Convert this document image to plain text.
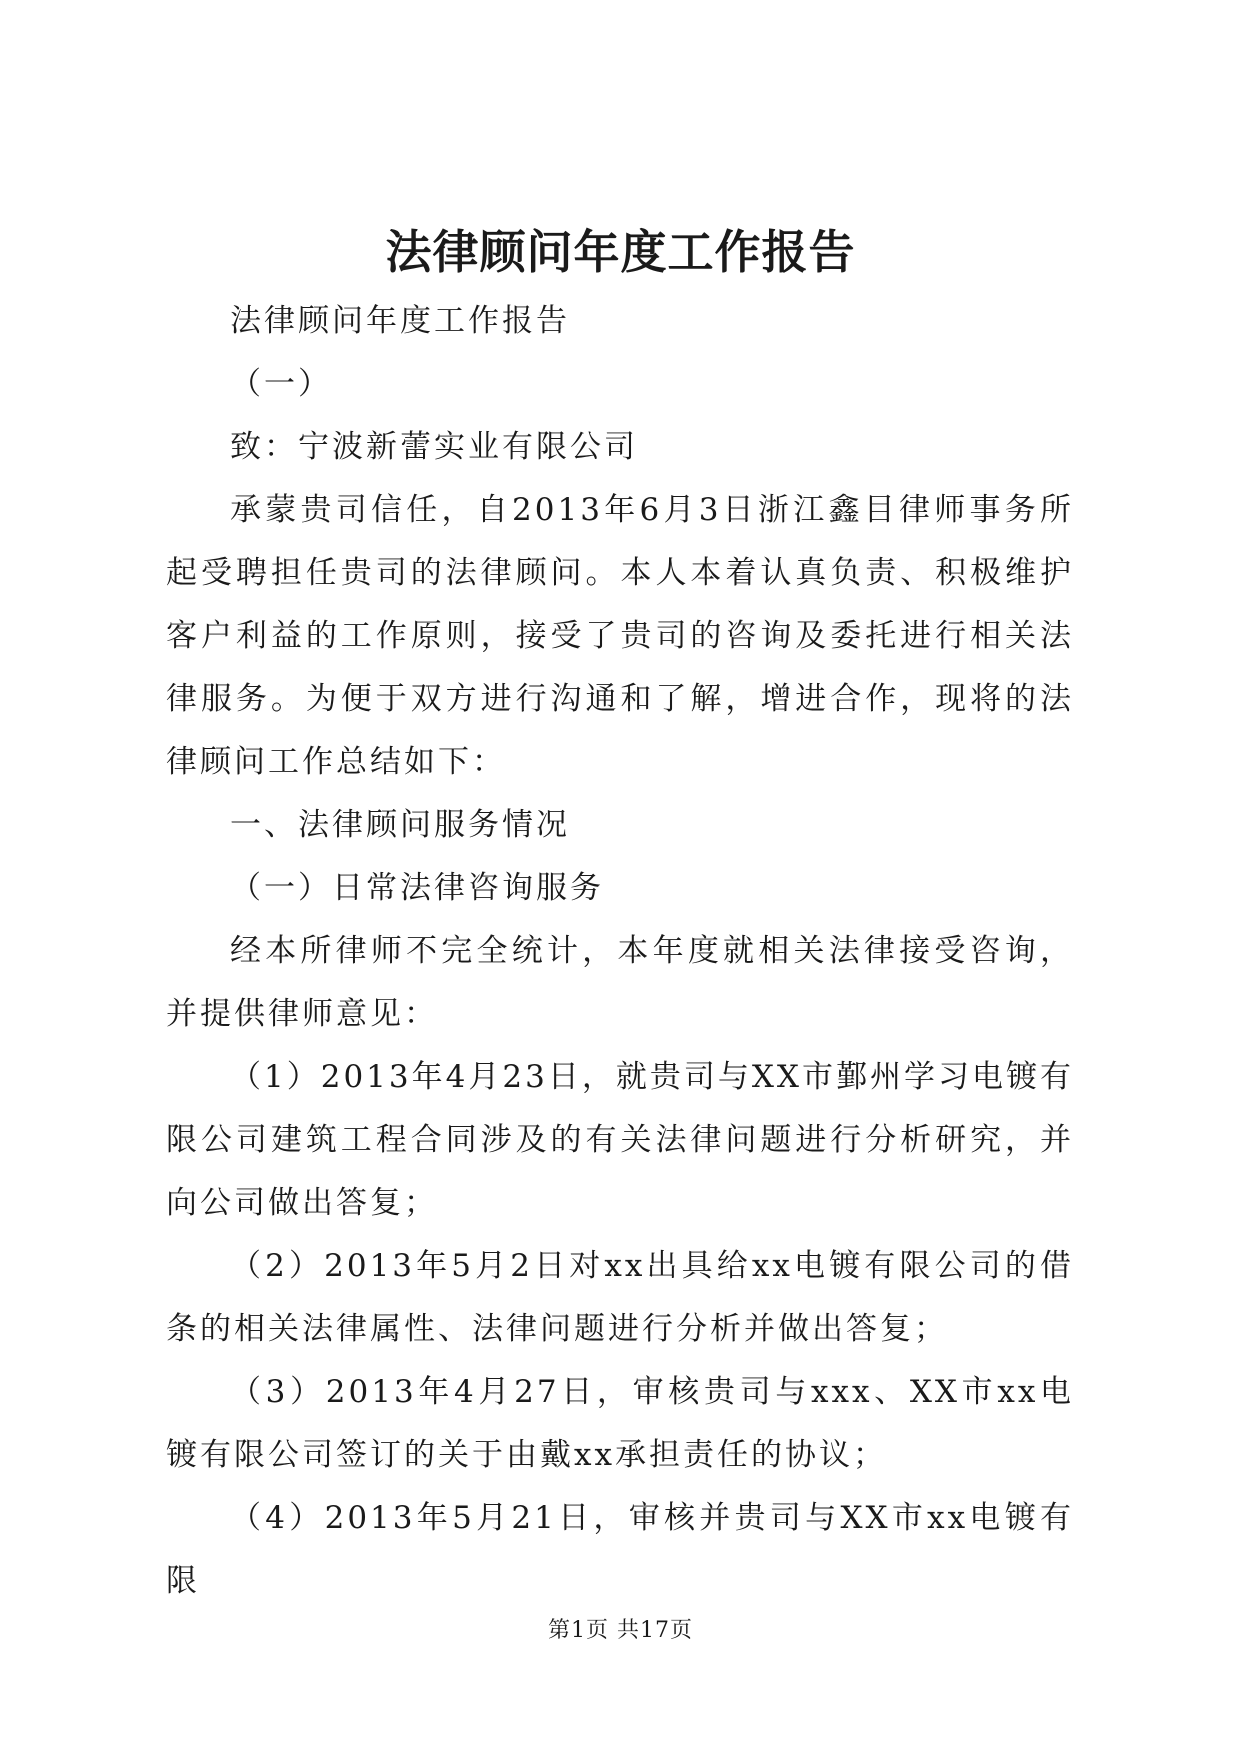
法律顾问年度工作报告

法律顾问年度工作报告

（一）

致：宁波新蕾实业有限公司

承蒙贵司信任，自2013年6月3日浙江鑫目律师事务所起受聘担任贵司的法律顾问。本人本着认真负责、积极维护客户利益的工作原则，接受了贵司的咨询及委托进行相关法律服务。为便于双方进行沟通和了解，增进合作，现将的法律顾问工作总结如下：

一、法律顾问服务情况

（一）日常法律咨询服务

经本所律师不完全统计，本年度就相关法律接受咨询，并提供律师意见：

（1）2013年4月23日，就贵司与XX市鄞州学习电镀有限公司建筑工程合同涉及的有关法律问题进行分析研究，并向公司做出答复；

（2）2013年5月2日对xx出具给xx电镀有限公司的借条的相关法律属性、法律问题进行分析并做出答复；

（3）2013年4月27日，审核贵司与xxx、XX市xx电镀有限公司签订的关于由戴xx承担责任的协议；

（4）2013年5月21日，审核并贵司与XX市xx电镀有限

第1页 共17页
